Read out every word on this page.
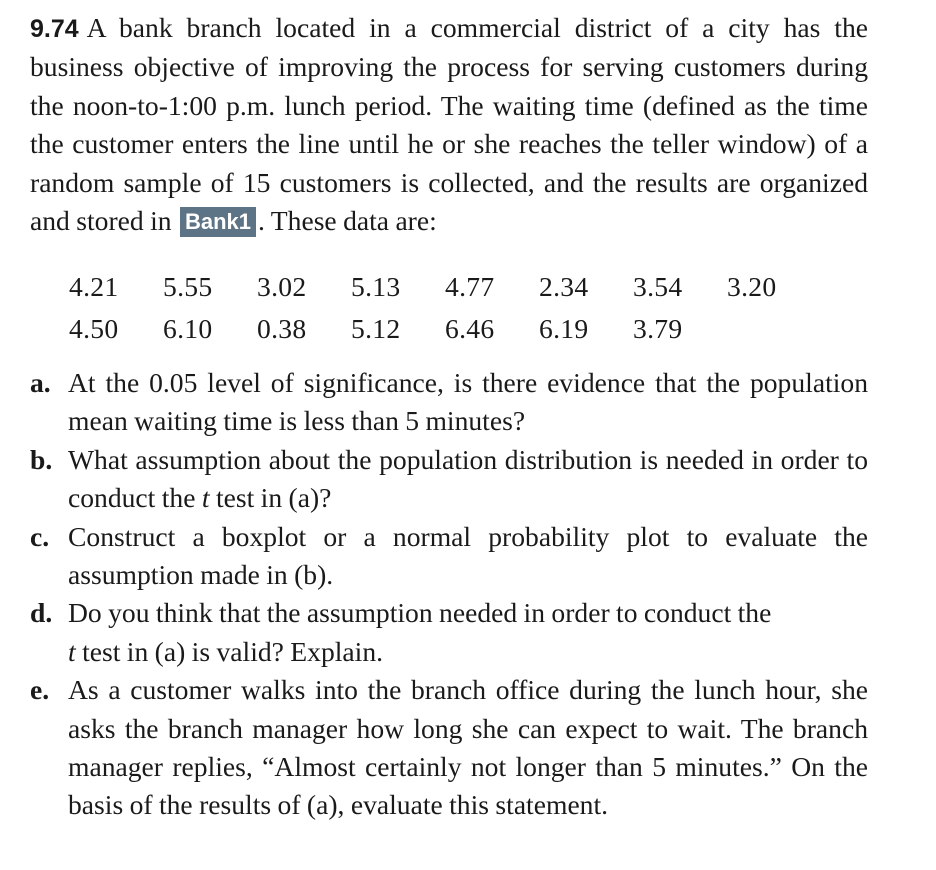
9.74 A bank branch located in a commercial district of a city has the business objective of improving the process for serving customers during the noon-to-1:00 p.m. lunch period. The waiting time (defined as the time the customer enters the line until he or she reaches the teller window) of a random sample of 15 customers is collected, and the results are organized and stored in Bank1 . These data are:

4.21	5.55	3.02	5.13	4.77	2.34	3.54	3.20
4.50	6.10	0.38	5.12	6.46	6.19	3.79
a. At the 0.05 level of significance, is there evidence that the population mean waiting time is less than 5 minutes?
b. What assumption about the population distribution is needed in order to conduct the t test in (a)?
c. Construct a boxplot or a normal probability plot to evaluate the assumption made in (b).
d. Do you think that the assumption needed in order to conduct the
t test in (a) is valid? Explain.
e. As a customer walks into the branch office during the lunch hour, she asks the branch manager how long she can expect to wait. The branch manager replies, “Almost certainly not longer than 5 minutes.” On the basis of the results of (a), evaluate this statement.
